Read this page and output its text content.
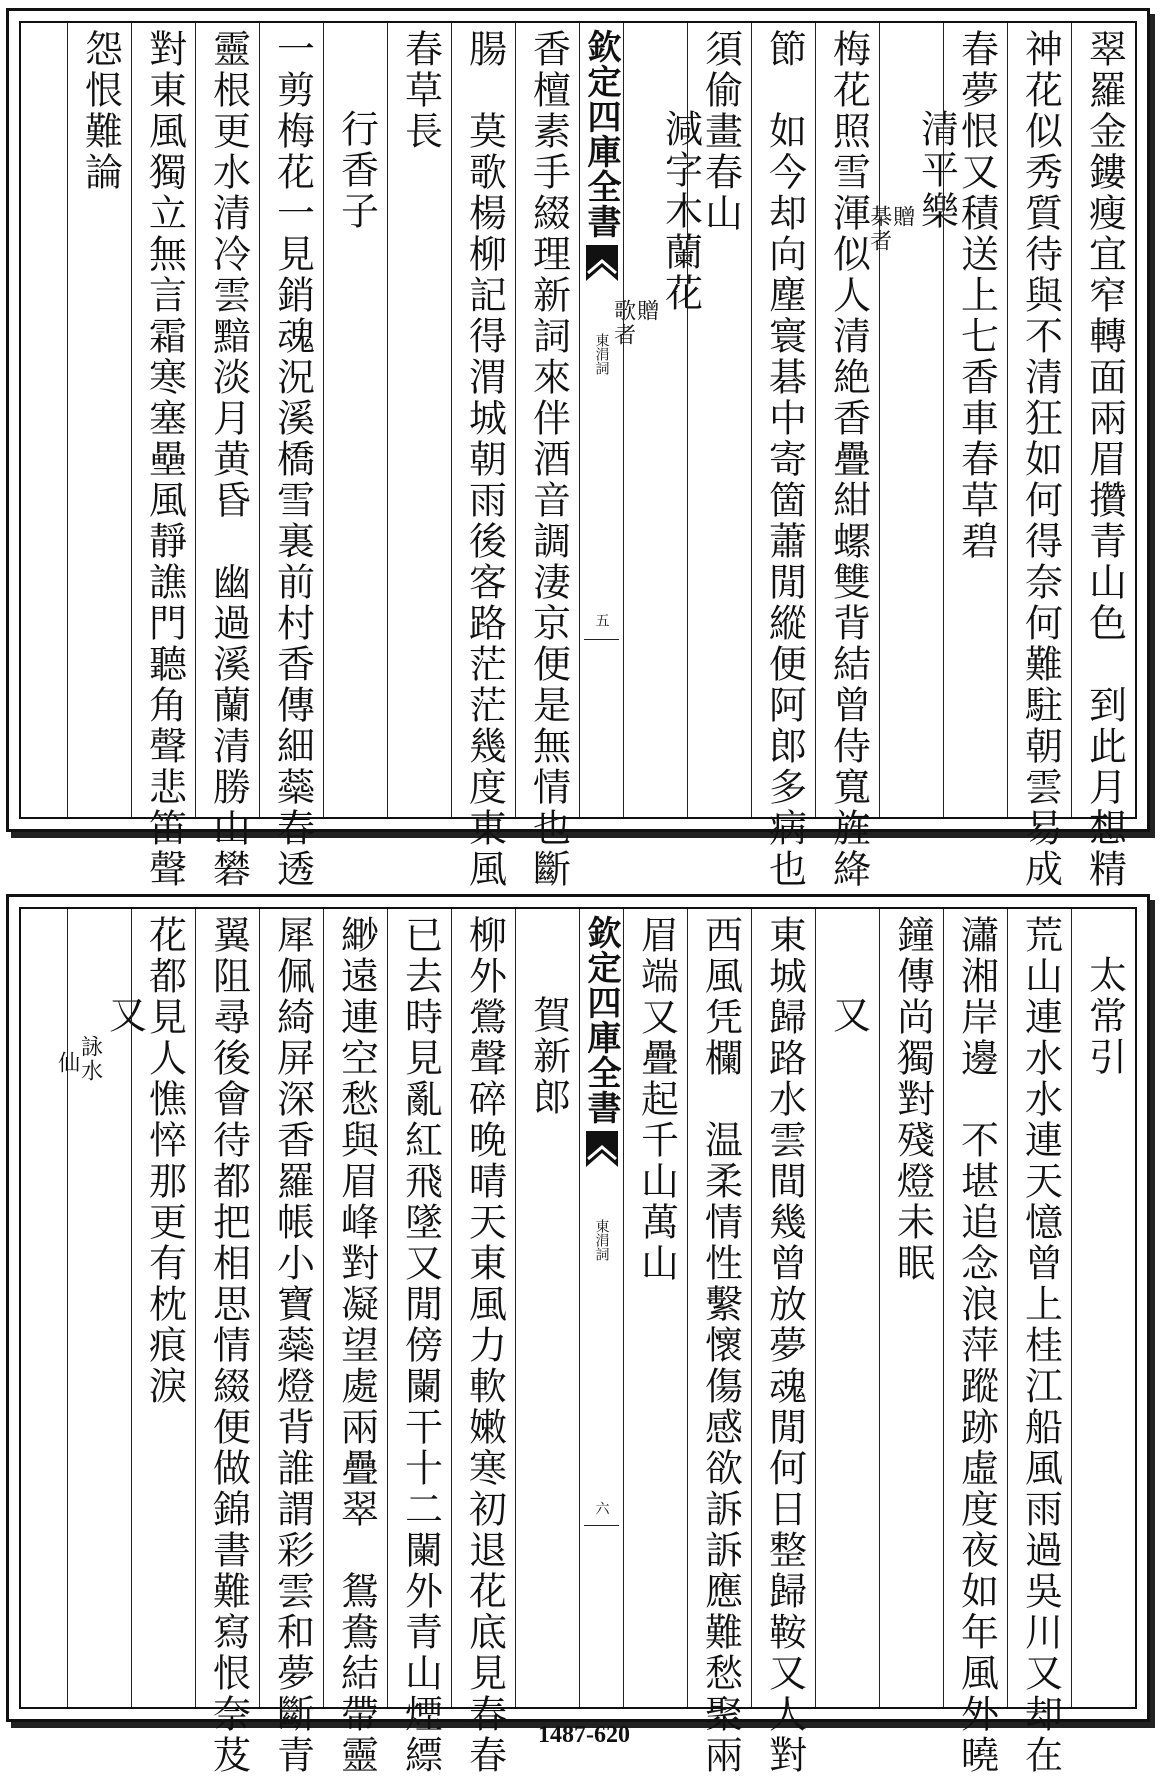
翠羅金鏤瘦宜窄轉面兩眉攢青山色　到此月想精
神花似秀質待與不清狂如何得奈何難駐朝雲易成
春夢恨又積送上七香車春草碧
清平樂
贈
棊
者
梅花照雪渾似人清絶香疊紺螺雙背結曾侍寬旌絳
節　如今却向塵寰碁中寄箇蕭閒縱便阿郎多病也
須偷畫春山
減字木蘭花
贈
歌
者
欽定四庫全書
東涓詞
五
香檀素手綴理新詞來伴酒音調淒京便是無情也斷
腸　莫歌楊柳記得渭城朝雨後客路茫茫幾度東風
春草長
行香子
一剪梅花一見銷魂況溪橋雪裏前村香傳細蘂春透
靈根更水清冷雲黯淡月黄昏　幽過溪蘭清勝山礬
對東風獨立無言霜寒塞壘風靜譙門聽角聲悲笛聲
怨恨難論
太常引
荒山連水水連天憶曾上桂江船風雨過吳川又却在
瀟湘岸邊　不堪追念浪萍蹤跡虛度夜如年風外曉
鐘傳尚獨對殘燈未眠
又
東城歸路水雲間幾曾放夢魂閒何日整歸鞍又人對
西風凭欄　温柔情性繫懷傷感欲訴訴應難愁聚兩
眉端又疊起千山萬山
欽定四庫全書
東涓詞
六
賀新郎
柳外鶯聲碎晚晴天東風力軟嫩寒初退花底見春春
已去時見亂紅飛墜又閒傍闌干十二闌外青山煙縹
緲遠連空愁與眉峰對凝望處兩疊翠　鴛鴦結帶靈
犀佩綺屏深香羅帳小寶蘂燈背誰謂彩雲和夢斷青
翼阻尋後會待都把相思情綴便做錦書難寫恨奈芨
花都見人憔悴那更有枕痕淚
又
詠
水
仙
1487-620
